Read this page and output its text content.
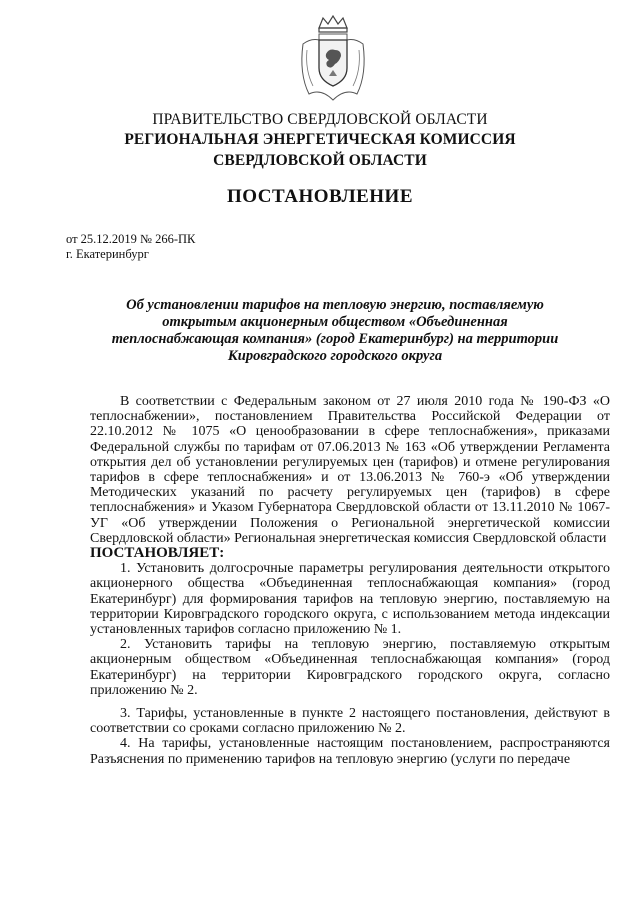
ПРАВИТЕЛЬСТВО СВЕРДЛОВСКОЙ ОБЛАСТИ
РЕГИОНАЛЬНАЯ ЭНЕРГЕТИЧЕСКАЯ КОМИССИЯ
СВЕРДЛОВСКОЙ ОБЛАСТИ
ПОСТАНОВЛЕНИЕ
от 25.12.2019 № 266-ПК
г. Екатеринбург
Об установлении тарифов на тепловую энергию, поставляемую открытым акционерным обществом «Объединенная теплоснабжающая компания» (город Екатеринбург) на территории Кировградского городского округа

В соответствии с Федеральным законом от 27 июля 2010 года № 190-ФЗ «О теплоснабжении», постановлением Правительства Российской Федерации от 22.10.2012 № 1075 «О ценообразовании в сфере теплоснабжения», приказами Федеральной службы по тарифам от 07.06.2013 № 163 «Об утверждении Регламента открытия дел об установлении регулируемых цен (тарифов) и отмене регулирования тарифов в сфере теплоснабжения» и от 13.06.2013 № 760-э «Об утверждении Методических указаний по расчету регулируемых цен (тарифов) в сфере теплоснабжения» и Указом Губернатора Свердловской области от 13.11.2010 № 1067-УГ «Об утверждении Положения о Региональной энергетической комиссии Свердловской области» Региональная энергетическая комиссия Свердловской области

ПОСТАНОВЛЯЕТ:

1. Установить долгосрочные параметры регулирования деятельности открытого акционерного общества «Объединенная теплоснабжающая компания» (город Екатеринбург) для формирования тарифов на тепловую энергию, поставляемую на территории Кировградского городского округа, с использованием метода индексации установленных тарифов согласно приложению № 1.

2. Установить тарифы на тепловую энергию, поставляемую открытым акционерным обществом «Объединенная теплоснабжающая компания» (город Екатеринбург) на территории Кировградского городского округа, согласно приложению № 2.

3. Тарифы, установленные в пункте 2 настоящего постановления, действуют в соответствии со сроками согласно приложению № 2.

4. На тарифы, установленные настоящим постановлением, распространяются Разъяснения по применению тарифов на тепловую энергию (услуги по передаче
